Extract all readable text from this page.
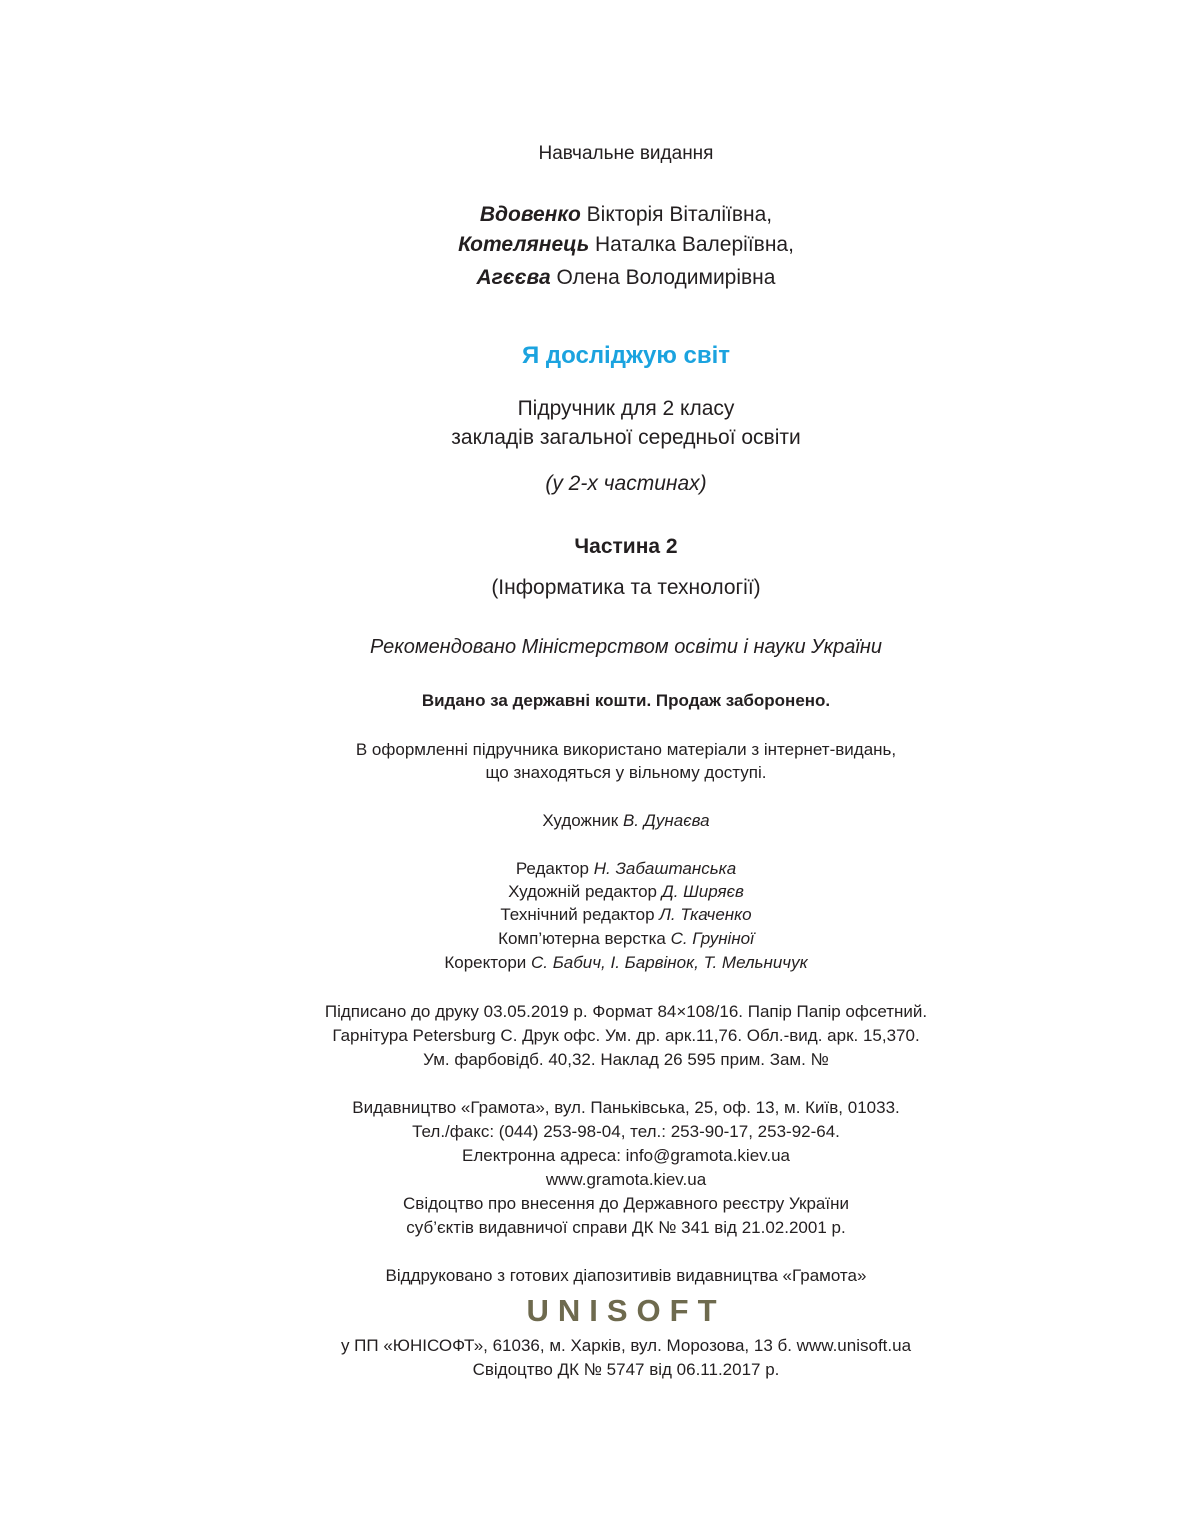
Навчальне видання
Вдовенко Вікторія Віталіївна,
Котелянець Наталка Валеріївна,
Агєєва Олена Володимирівна
Я досліджую світ
Підручник для 2 класу
закладів загальної середньої освіти
(у 2-х частинах)
Частина 2
(Інформатика та технології)
Рекомендовано Міністерством освіти і науки України
Видано за державні кошти. Продаж заборонено.
В оформленні підручника використано матеріали з інтернет-видань,
що знаходяться у вільному доступі.
Художник В. Дунаєва
Редактор Н. Забаштанська
Художній редактор Д. Ширяєв
Технічний редактор Л. Ткаченко
Комп’ютерна верстка С. Груніної
Коректори С. Бабич, І. Барвінок, Т. Мельничук
Підписано до друку 03.05.2019 р. Формат 84×108/16. Папір Папір офсетний.
Гарнітура Petersburg C. Друк офс. Ум. др. арк.11,76. Обл.-вид. арк. 15,370.
Ум. фарбовідб. 40,32. Наклад 26 595 прим. Зам. №
Видавництво «Грамота», вул. Паньківська, 25, оф. 13, м. Київ, 01033.
Тел./факс: (044) 253-98-04, тел.: 253-90-17, 253-92-64.
Електронна адреса: info@gramota.kiev.ua
www.gramota.kiev.ua
Свідоцтво про внесення до Державного реєстру України
суб’єктів видавничої справи ДК № 341 від 21.02.2001 р.
Віддруковано з готових діапозитивів видавництва «Грамота»
UNISOFT
у ПП «ЮНІСОФТ», 61036, м. Харків, вул. Морозова, 13 б. www.unisoft.ua
Свідоцтво ДК № 5747 від 06.11.2017 р.
